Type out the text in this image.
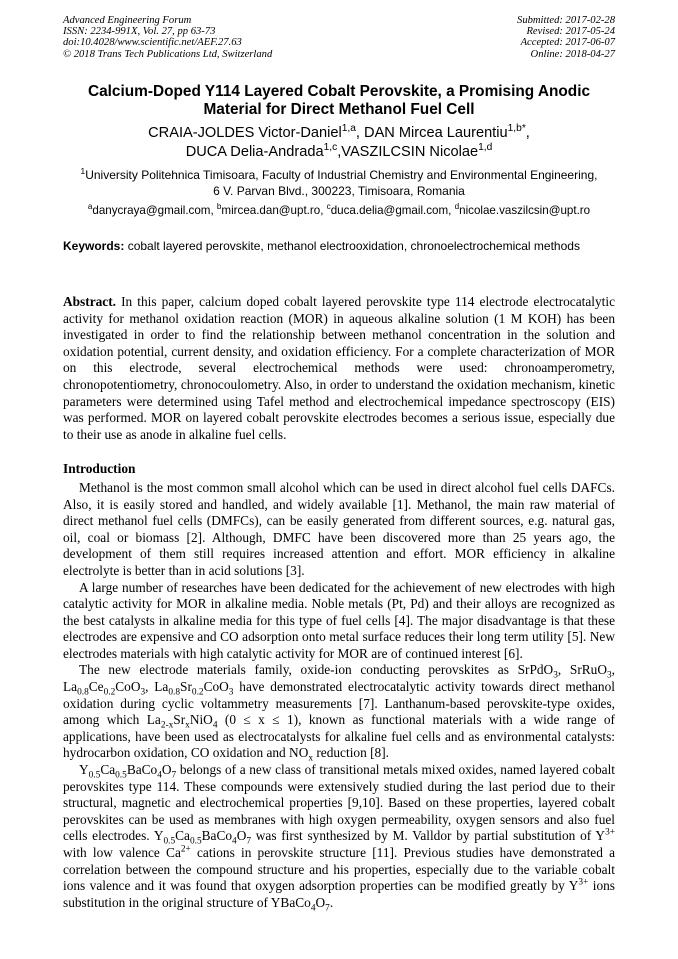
Advanced Engineering Forum
ISSN: 2234-991X, Vol. 27, pp 63-73
doi:10.4028/www.scientific.net/AEF.27.63
© 2018 Trans Tech Publications Ltd, Switzerland
Submitted: 2017-02-28
Revised: 2017-05-24
Accepted: 2017-06-07
Online: 2018-04-27
Calcium-Doped Y114 Layered Cobalt Perovskite, a Promising Anodic
Material for Direct Methanol Fuel Cell
CRAIA-JOLDES Victor-Daniel$^{1,a}$, DAN Mircea Laurentiu$^{1,b*}$,
DUCA Delia-Andrada$^{1,c}$,VASZILCSIN Nicolae$^{1,d}$
$^1$University Politehnica Timisoara, Faculty of Industrial Chemistry and Environmental Engineering,
6 V. Parvan Blvd., 300223, Timisoara, Romania
$^a$danycraya@gmail.com, $^b$mircea.dan@upt.ro, $^c$duca.delia@gmail.com, $^d$nicolae.vaszilcsin@upt.ro
Keywords: cobalt layered perovskite, methanol electrooxidation, chronoelectrochemical methods

Abstract. In this paper, calcium doped cobalt layered perovskite type 114 electrode electrocatalytic activity for methanol oxidation reaction (MOR) in aqueous alkaline solution (1 M KOH) has been investigated in order to find the relationship between methanol concentration in the solution and oxidation potential, current density, and oxidation efficiency. For a complete characterization of MOR on this electrode, several electrochemical methods were used: chronoamperometry, chronopotentiometry, chronocoulometry. Also, in order to understand the oxidation mechanism, kinetic parameters were determined using Tafel method and electrochemical impedance spectroscopy (EIS) was performed. MOR on layered cobalt perovskite electrodes becomes a serious issue, especially due to their use as anode in alkaline fuel cells.

Introduction

Methanol is the most common small alcohol which can be used in direct alcohol fuel cells DAFCs. Also, it is easily stored and handled, and widely available [1]. Methanol, the main raw material of direct methanol fuel cells (DMFCs), can be easily generated from different sources, e.g. natural gas, oil, coal or biomass [2]. Although, DMFC have been discovered more than 25 years ago, the development of them still requires increased attention and effort. MOR efficiency in alkaline electrolyte is better than in acid solutions [3].

A large number of researches have been dedicated for the achievement of new electrodes with high catalytic activity for MOR in alkaline media. Noble metals (Pt, Pd) and their alloys are recognized as the best catalysts in alkaline media for this type of fuel cells [4]. The major disadvantage is that these electrodes are expensive and CO adsorption onto metal surface reduces their long term utility [5]. New electrodes materials with high catalytic activity for MOR are of continued interest [6].

The new electrode materials family, oxide-ion conducting perovskites as SrPdO$_3$, SrRuO$_3$, $La_{0.8}Ce_{0.2}CoO_3$, $La_{0.8}Sr_{0.2}CoO_3$ have demonstrated electrocatalytic activity towards direct methanol oxidation during cyclic voltammetry measurements [7]. Lanthanum-based perovskite-type oxides, among which $La_{2-x}Sr_xNiO_4$ (0 ≤ x ≤ 1), known as functional materials with a wide range of applications, have been used as electrocatalysts for alkaline fuel cells and as environmental catalysts: hydrocarbon oxidation, CO oxidation and $NO_x$ reduction [8].

$Y_{0.5}Ca_{0.5}BaCo_4O_7$ belongs of a new class of transitional metals mixed oxides, named layered cobalt perovskites type 114. These compounds were extensively studied during the last period due to their structural, magnetic and electrochemical properties [9,10]. Based on these properties, layered cobalt perovskites can be used as membranes with high oxygen permeability, oxygen sensors and also fuel cells electrodes. $Y_{0.5}Ca_{0.5}BaCo_4O_7$ was first synthesized by M. Valldor by partial substitution of $Y^{3+}$ with low valence $Ca^{2+}$ cations in perovskite structure [11]. Previous studies have demonstrated a correlation between the compound structure and his properties, especially due to the variable cobalt ions valence and it was found that oxygen adsorption properties can be modified greatly by $Y^{3+}$ ions substitution in the original structure of $YBaCo_4O_7$.
